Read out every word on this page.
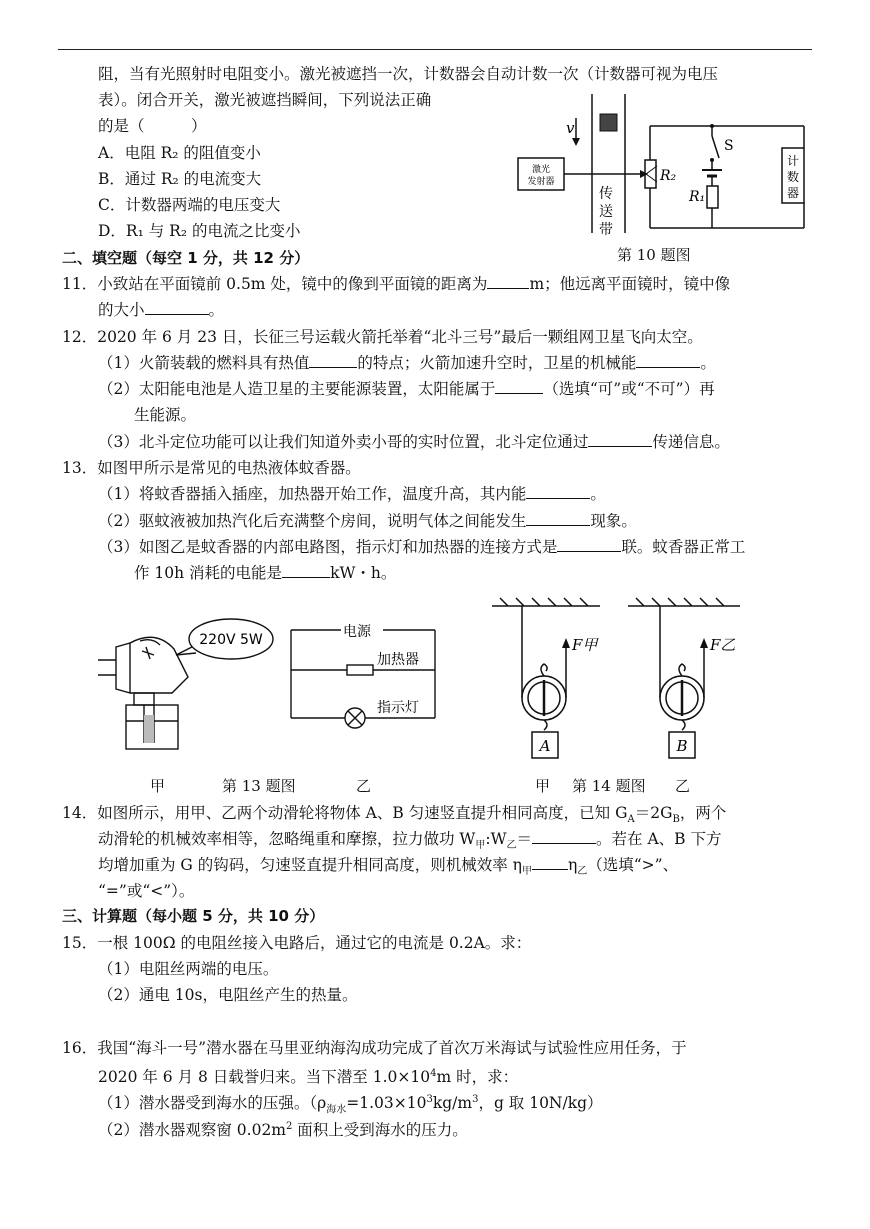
阻，当有光照射时电阻变小。激光被遮挡一次，计数器会自动计数一次（计数器可视为电压
表）。闭合开关，激光被遮挡瞬间，下列说法正确
的是（　　　）
A．电阻 R₂ 的阻值变小
B．通过 R₂ 的电流变大
C．计数器两端的电压变大
D．R₁ 与 R₂ 的电流之比变小
v
激光
发射器
传
送
带
R₂
R₁
S
计
数
器
第 10 题图
二、填空题（每空 1 分，共 12 分）
11．小致站在平面镜前 0.5m 处，镜中的像到平面镜的距离为	m；他远离平面镜时，镜中像
的大小	。
12．2020 年 6 月 23 日，长征三号运载火箭托举着“北斗三号”最后一颗组网卫星飞向太空。
（1）火箭装载的燃料具有热值	的特点；火箭加速升空时，卫星的机械能	。
（2）太阳能电池是人造卫星的主要能源装置，太阳能属于	（选填“可”或“不可”）再
生能源。
（3）北斗定位功能可以让我们知道外卖小哥的实时位置，北斗定位通过	传递信息。
13．如图甲所示是常见的电热液体蚊香器。
（1）将蚊香器插入插座，加热器开始工作，温度升高，其内能	。
（2）驱蚊液被加热汽化后充满整个房间，说明气体之间能发生	现象。
（3）如图乙是蚊香器的内部电路图，指示灯和加热器的连接方式是	联。蚊香器正常工
作 10h 消耗的电能是	kW・h。
220V 5W	电源
加热器
指示灯
甲	第 13 题图	乙
F甲	F乙
A	B
甲 第 14 题图 乙
14．如图所示，用甲、乙两个动滑轮将物体 A、B 匀速竖直提升相同高度，已知 $G_A=2G_B$，两个
动滑轮的机械效率相等，忽略绳重和摩擦，拉力做功 $W_甲:W_乙=$	。若在 A、B 下方
均增加重为 G 的钩码，匀速竖直提升相同高度，则机械效率 $\eta_甲$ $\eta_乙$（选填“>”、
“=”或“<”）。
三、计算题（每小题 5 分，共 10 分）
15．一根 100Ω 的电阻丝接入电路后，通过它的电流是 0.2A。求：
（1）电阻丝两端的电压。
（2）通电 10s，电阻丝产生的热量。
16．我国“海斗一号”潜水器在马里亚纳海沟成功完成了首次万米海试与试验性应用任务，于
2020 年 6 月 8 日载誉归来。当下潜至 $1.0\times 10^4m$ 时，求：
（1）潜水器受到海水的压强。（$\rho_{海水}=1.03\times 10^3kg/m^3$，g 取 10N/kg）
（2）潜水器观察窗 $0.02m^2$ 面积上受到海水的压力。
